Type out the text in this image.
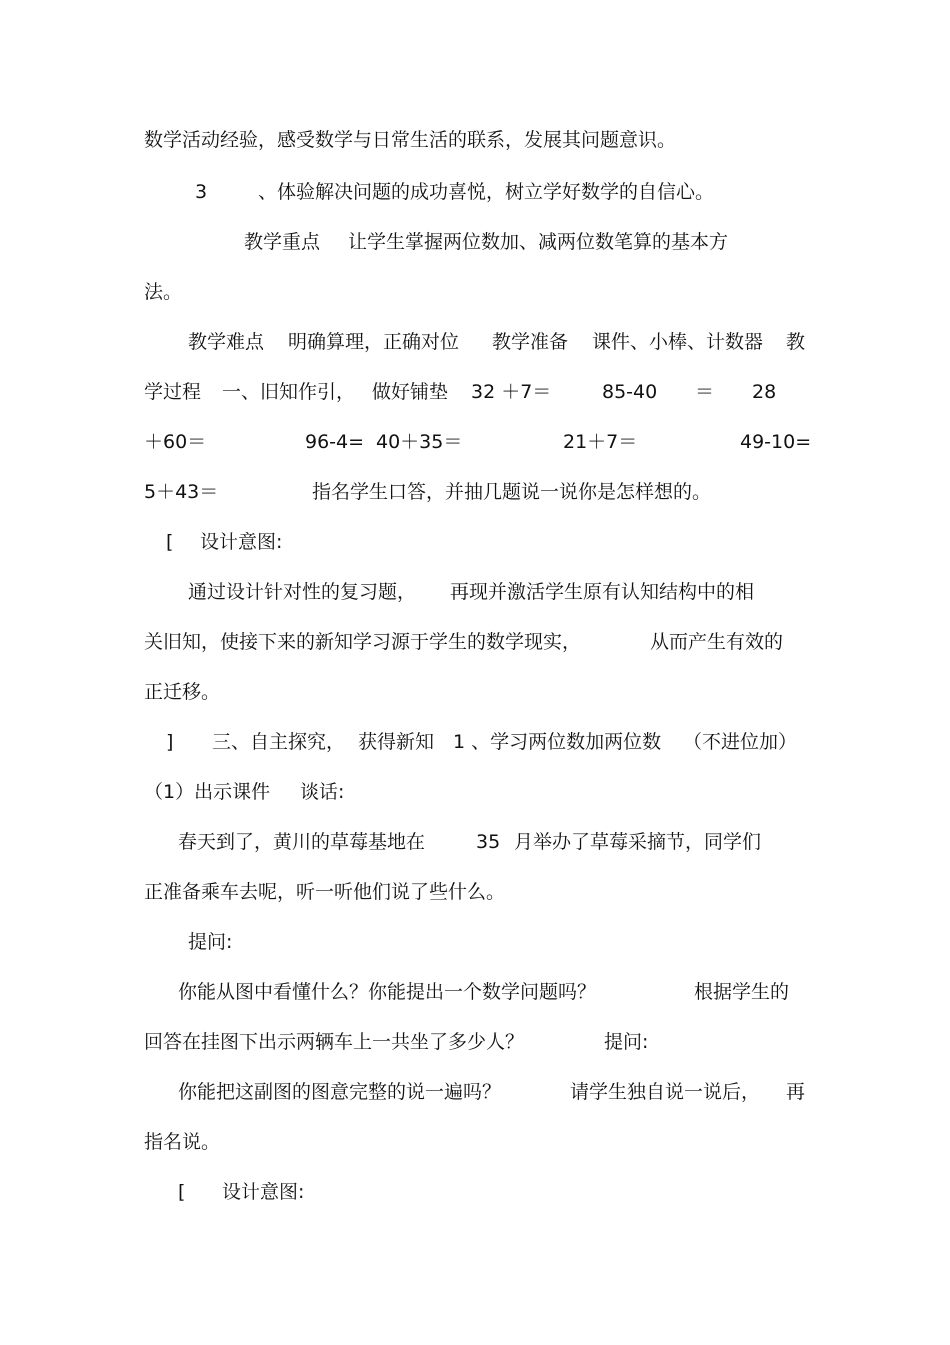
数学活动经验，感受数学与日常生活的联系，发展其问题意识。
3	、体验解决问题的成功喜悦，树立学好数学的自信心。
教学重点 让学生掌握两位数加、减两位数笔算的基本方
法。
教学难点 明确算理，正确对位 教学准备 课件、小棒、计数器 教
学过程 一、旧知作引， 做好铺垫 32 ＋7＝	85-40 ＝ 28
＋60＝	96-4= 40＋35＝	21＋7＝	49-10=
5＋43＝	指名学生口答，并抽几题说一说你是怎样想的。
[ 设计意图:
通过设计针对性的复习题， 再现并激活学生原有认知结构中的相
关旧知，使接下来的新知学习源于学生的数学现实，	从而产生有效的
正迁移。
] 三、自主探究， 获得新知 1 、学习两位数加两位数 （不进位加）
（1）出示课件 谈话:
春天到了，黄川的草莓基地在	35 月举办了草莓采摘节，同学们
正准备乘车去呢，听一听他们说了些什么。
提问:
你能从图中看懂什么？你能提出一个数学问题吗？	根据学生的
回答在挂图下出示两辆车上一共坐了多少人？	提问:
你能把这副图的图意完整的说一遍吗？	请学生独自说一说后， 再
指名说。
[ 设计意图:
